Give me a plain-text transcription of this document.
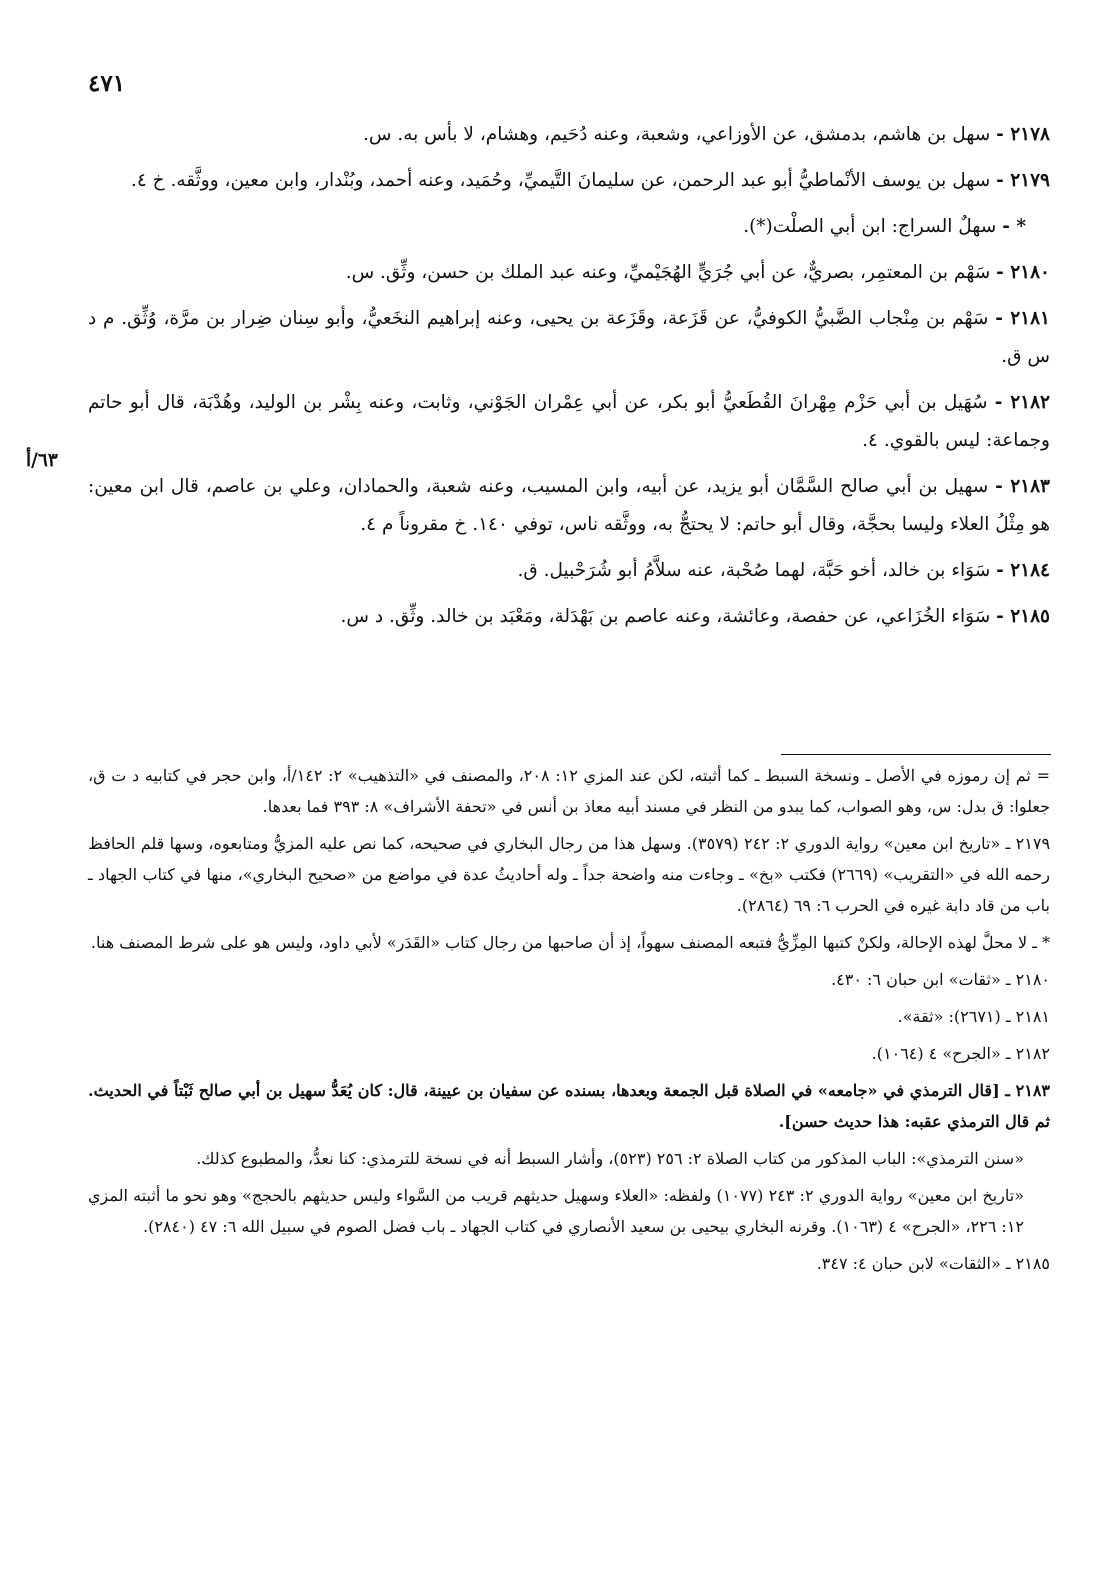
٤٧١
٦٣/أ

٢١٧٨ - سهل بن هاشم، بدمشق، عن الأوزاعي، وشعبة، وعنه دُحَيم، وهشام، لا بأس به. س.

٢١٧٩ - سهل بن يوسف الأنْماطيُّ أبو عبد الرحمن، عن سليمانَ التَّيميِّ، وحُمَيد، وعنه أحمد، وبُنْدار، وابن معين، ووثَّقه. خ ٤.

* - سهلٌ السراج: ابن أبي الصلْت(*).

٢١٨٠ - سَهْم بن المعتمِر، بصريٌّ، عن أبي جُرَيٍّ الهُجَيْميِّ، وعنه عبد الملك بن حسن، وثِّق. س.

٢١٨١ - سَهْم بن مِنْجاب الضَّبيُّ الكوفيُّ، عن قَزَعة، وقَزَعة بن يحيى، وعنه إبراهيم النخَعيُّ، وأبو سِنان ضِرار بن مرَّة، وُثِّق. م د س ق.

٢١٨٢ - سُهَيل بن أبي حَزْم مِهْرانَ القُطَعيُّ أبو بكر، عن أبي عِمْران الجَوْني، وثابت، وعنه بِشْر بن الوليد، وهُدْبَة، قال أبو حاتم وجماعة: ليس بالقوي. ٤.

٢١٨٣ - سهيل بن أبي صالح السَّمَّان أبو يزيد، عن أبيه، وابن المسيب، وعنه شعبة، والحمادان، وعلي بن عاصم، قال ابن معين: هو مِثْلُ العلاء وليسا بحجَّة، وقال أبو حاتم: لا يحتجُّ به، ووثَّقه ناس، توفي ١٤٠. خ مقروناً م ٤.

٢١٨٤ - سَوَاء بن خالد، أخو حَبَّة، لهما صُحْبة، عنه سلاَّمُ أبو شُرَحْبيل. ق.

٢١٨٥ - سَوَاء الخُزَاعي، عن حفصة، وعائشة، وعنه عاصم بن بَهْدَلة، ومَعْبَد بن خالد. وثِّق. د س.

= ثم إن رموزه في الأصل ـ ونسخة السبط ـ كما أثبته، لكن عند المزي ١٢: ٢٠٨، والمصنف في «التذهيب» ٢: ١٤٢/أ، وابن حجر في كتابيه د ت ق، جعلوا: ق بدل: س، وهو الصواب، كما يبدو من النظر في مسند أبيه معاذ بن أنس في «تحفة الأشراف» ٨: ٣٩٣ فما بعدها.

٢١٧٩ ـ «تاريخ ابن معين» رواية الدوري ٢: ٢٤٢ (٣٥٧٩). وسهل هذا من رجال البخاري في صحيحه، كما نص عليه المزيُّ ومتابعوه، وسها قلم الحافظ رحمه الله في «التقريب» (٢٦٦٩) فكتب «بخ» ـ وجاءت منه واضحة جداً ـ وله أحاديثُ عدة في مواضع من «صحيح البخاري»، منها في كتاب الجهاد ـ باب من قاد دابة غيره في الحرب ٦: ٦٩ (٢٨٦٤).

* ـ لا محلَّ لهذه الإحالة، ولكنْ كتبها المِزِّيُّ فتبعه المصنف سهواً، إذ أن صاحبها من رجال كتاب «القَدَر» لأبي داود، وليس هو على شرط المصنف هنا.

٢١٨٠ ـ «ثقات» ابن حبان ٦: ٤٣٠.

٢١٨١ ـ (٢٦٧١): «ثقة».

٢١٨٢ ـ «الجرح» ٤ (١٠٦٤).

٢١٨٣ ـ [قال الترمذي في «جامعه» في الصلاة قبل الجمعة وبعدها، بسنده عن سفيان بن عيينة، قال: كان يُعَدُّ سهيل بن أبي صالح ثَبْتاً في الحديث. ثم قال الترمذي عقبه: هذا حديث حسن].

«سنن الترمذي»: الباب المذكور من كتاب الصلاة ٢: ٢٥٦ (٥٢٣)، وأشار السبط أنه في نسخة للترمذي: كنا نعدُّ، والمطبوع كذلك.

«تاريخ ابن معين» رواية الدوري ٢: ٢٤٣ (١٠٧٧) ولفظه: «العلاء وسهيل حديثهم قريب من السَّواء وليس حديثهم بالحجج» وهو نحو ما أثبته المزي ١٢: ٢٢٦، «الجرح» ٤ (١٠٦٣). وقرنه البخاري بيحيى بن سعيد الأنصاري في كتاب الجهاد ـ باب فضل الصوم في سبيل الله ٦: ٤٧ (٢٨٤٠).

٢١٨٥ ـ «الثقات» لابن حبان ٤: ٣٤٧.
